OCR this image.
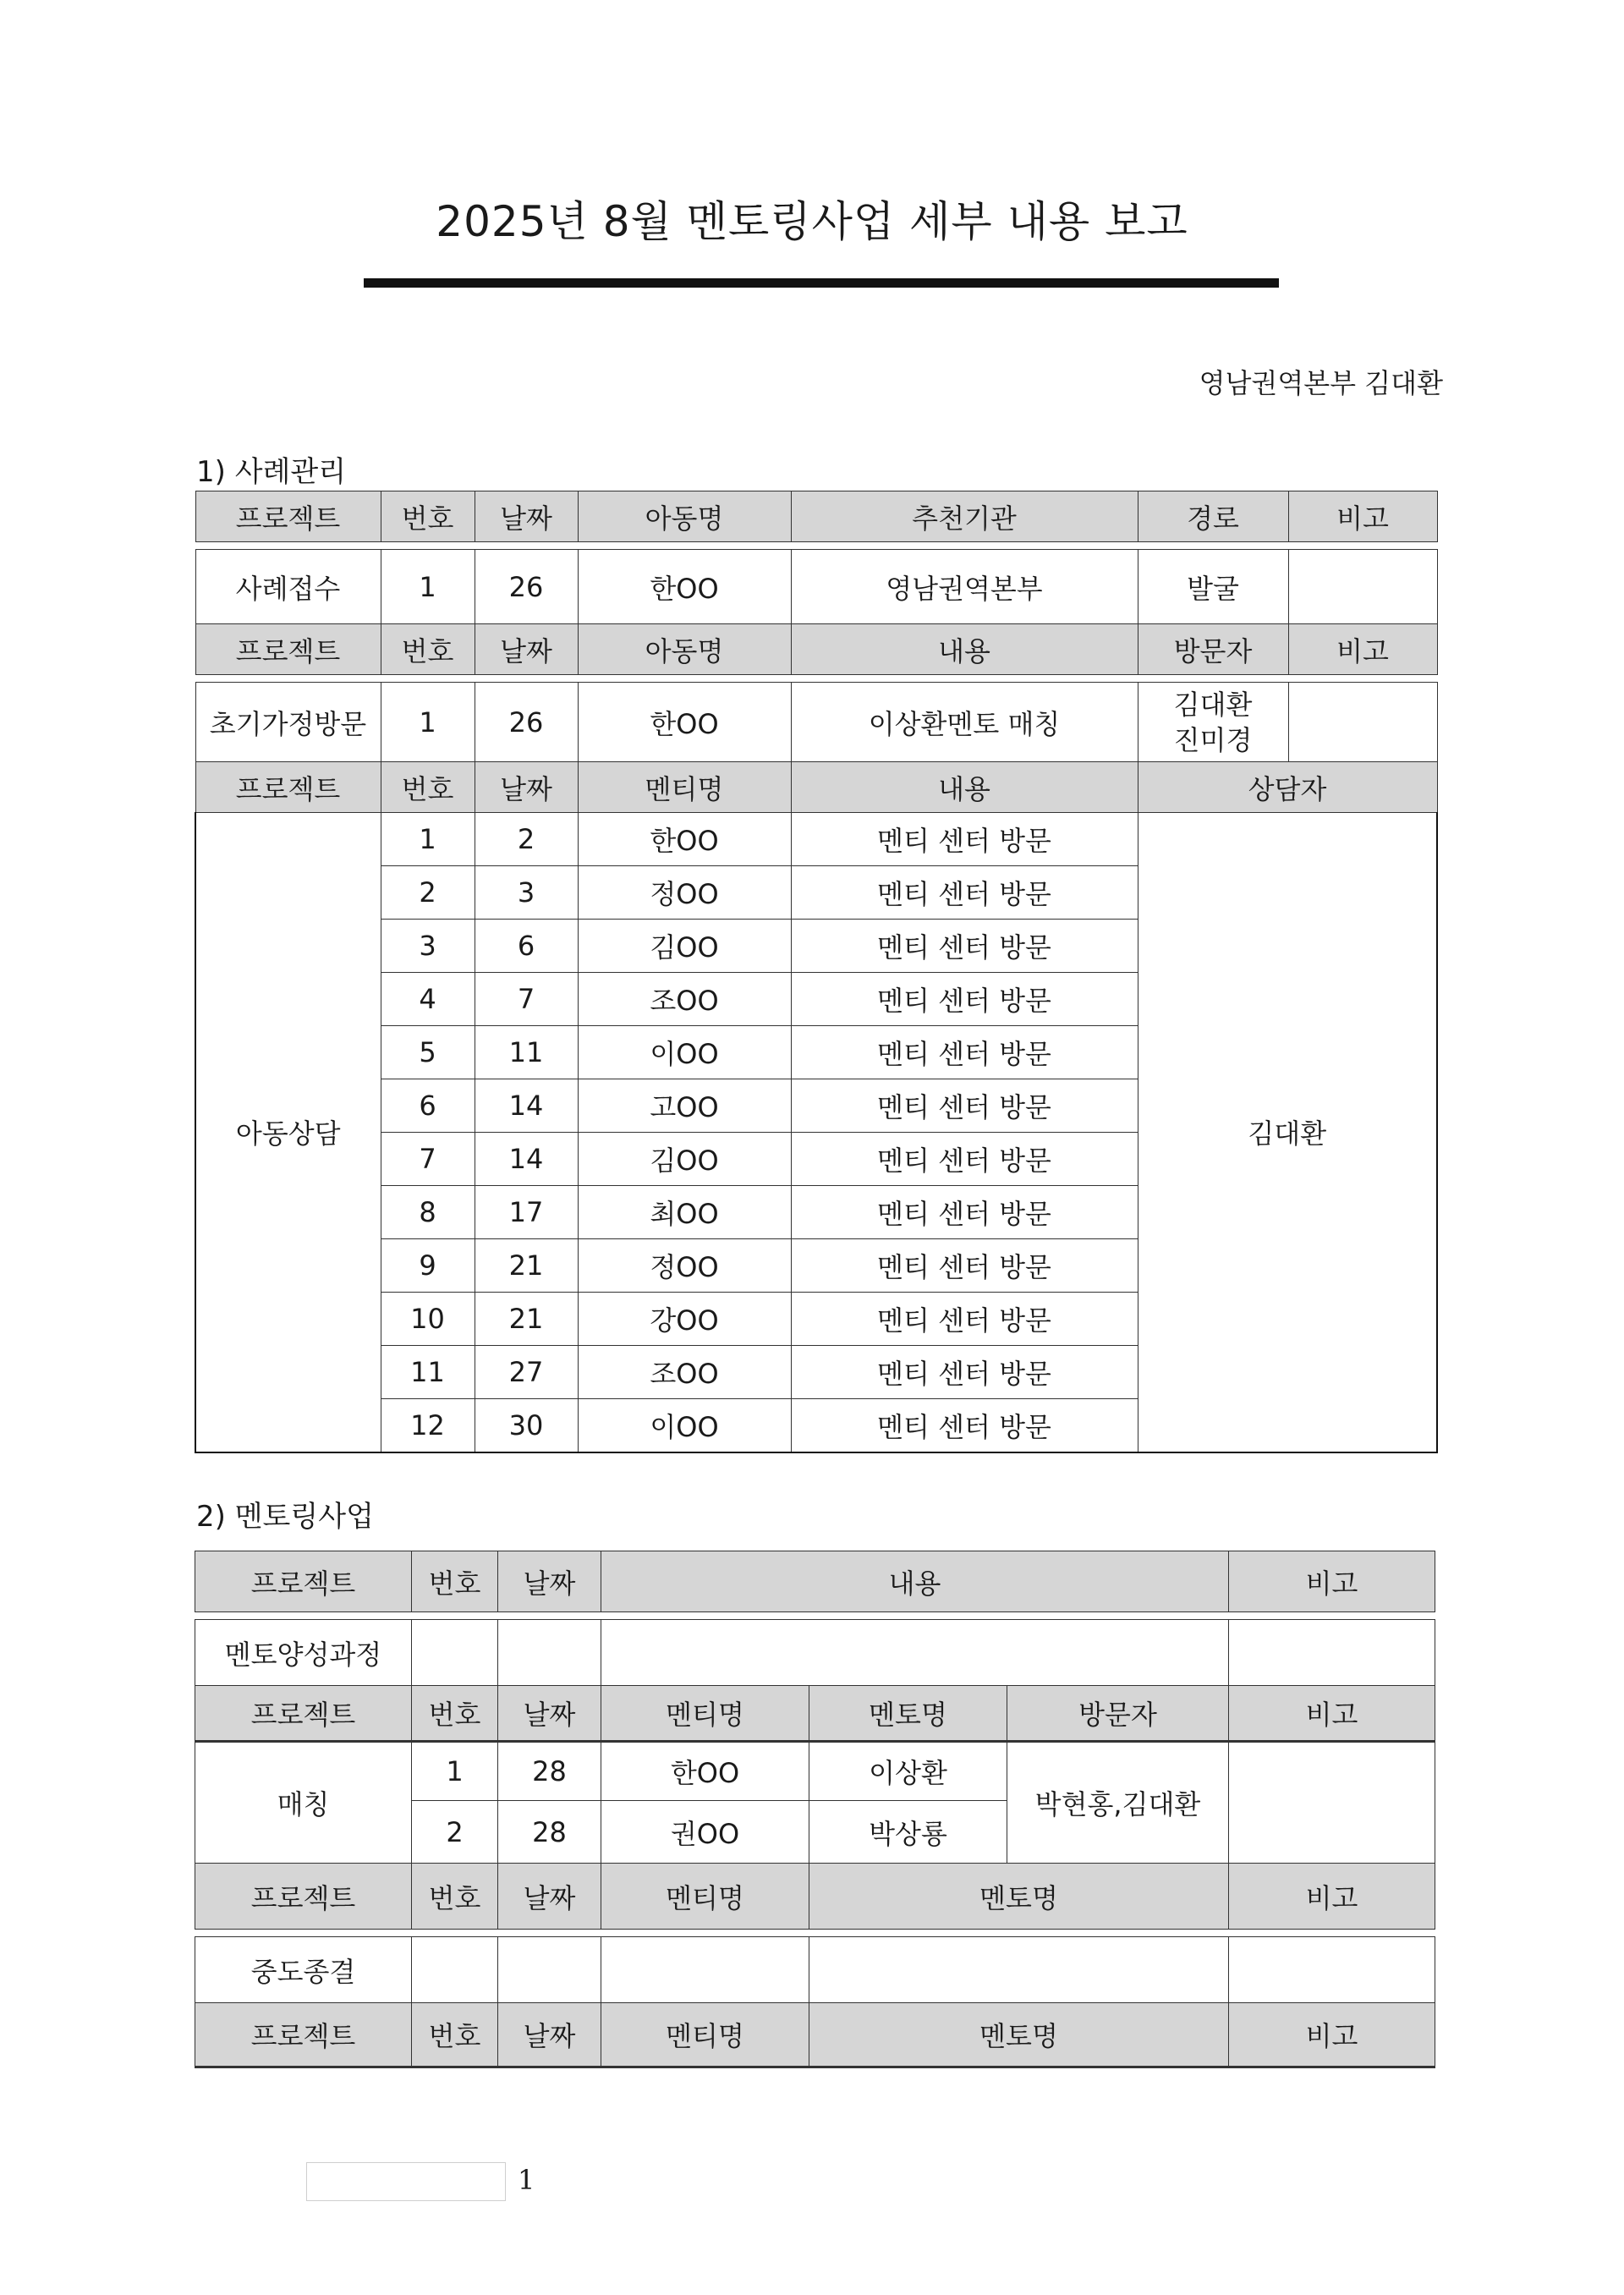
2025년 8월 멘토링사업 세부 내용 보고
영남권역본부 김대환
1) 사례관리
프로젝트	번호	날짜	아동명	추천기관	경로	비고

사례접수	1	26	한OO	영남권역본부	발굴	
프로젝트	번호	날짜	아동명	내용	방문자	비고

초기가정방문	1	26	한OO	이상환멘토 매칭	김대환
진미경	
프로젝트	번호	날짜	멘티명	내용	상담자	
아동상담	1	2	한OO	멘티 센터 방문	김대환	
	2	3	정OO	멘티 센터 방문		
	3	6	김OO	멘티 센터 방문		
	4	7	조OO	멘티 센터 방문		
	5	11	이OO	멘티 센터 방문		
	6	14	고OO	멘티 센터 방문		
	7	14	김OO	멘티 센터 방문		
	8	17	최OO	멘티 센터 방문		
	9	21	정OO	멘티 센터 방문		
	10	21	강OO	멘티 센터 방문		
	11	27	조OO	멘티 센터 방문		
	12	30	이OO	멘티 센터 방문		
2) 멘토링사업
프로젝트	번호	날짜	내용			비고

멘토양성과정						
프로젝트	번호	날짜	멘티명	멘토명	방문자	비고
매칭	1	28	한OO	이상환	박현홍,김대환	
	2	28	권OO	박상룡		
프로젝트	번호	날짜	멘티명	멘토명		비고

중도종결						
프로젝트	번호	날짜	멘티명	멘토명		비고
1
